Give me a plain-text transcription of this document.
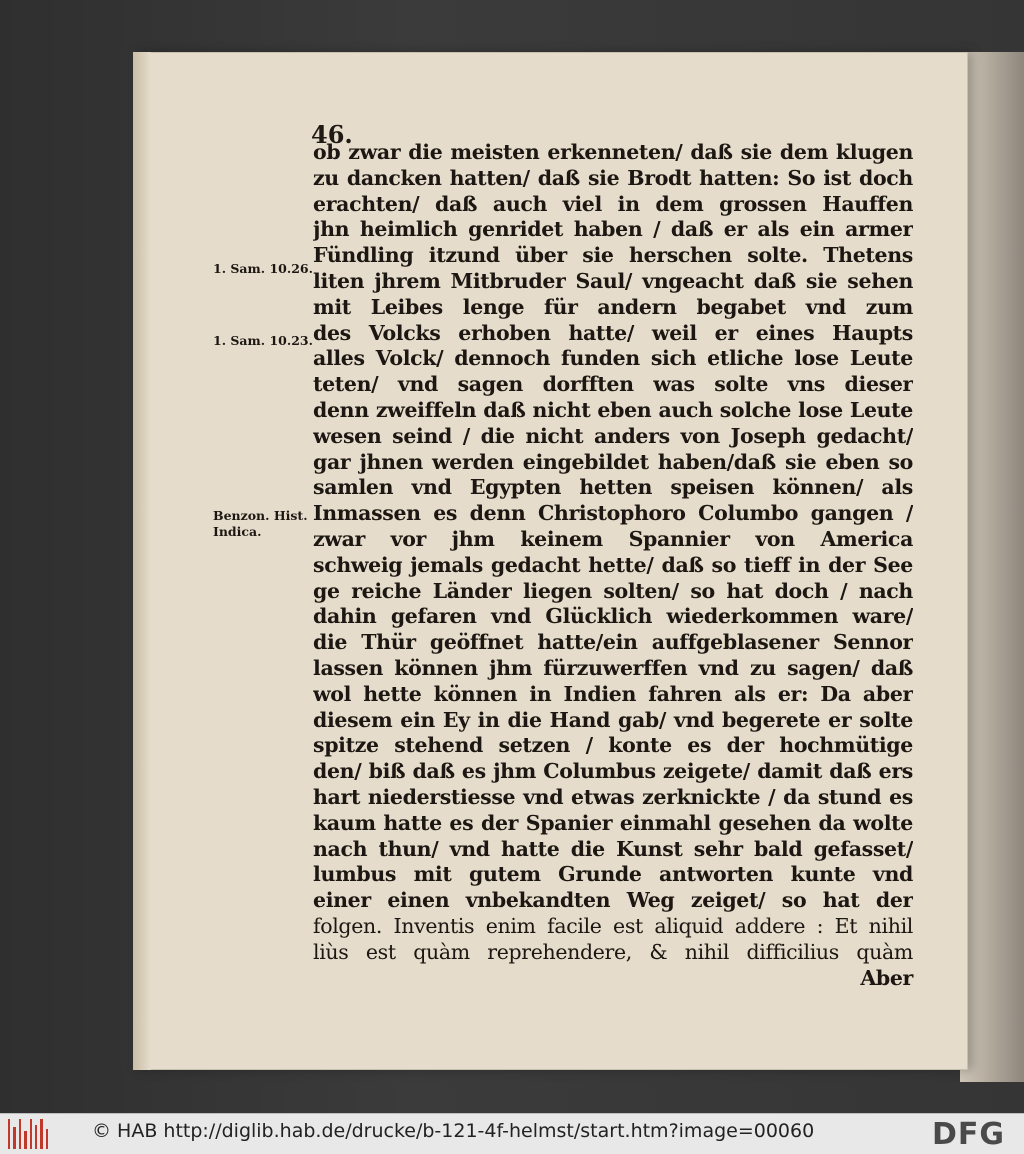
46.
1. Sam. 10.26.
1. Sam. 10.23.
Benzon. Hist.
Indica.
ob zwar die meisten erkenneten/ daß sie dem klugen
zu dancken hatten/ daß sie Brodt hatten: So ist doch
erachten/ daß auch viel in dem grossen Hauffen
jhn heimlich genridet haben / daß er als ein armer
Fündling itzund über sie herschen solte. Thetens
liten jhrem Mitbruder Saul/ vngeacht daß sie sehen
mit Leibes lenge für andern begabet vnd zum
des Volcks erhoben hatte/ weil er eines Haupts
alles Volck/ dennoch funden sich etliche lose Leute
teten/ vnd sagen dorfften was solte vns dieser
denn zweiffeln daß nicht eben auch solche lose Leute
wesen seind / die nicht anders von Joseph gedacht/
gar jhnen werden eingebildet haben/daß sie eben so
samlen vnd Egypten hetten speisen können/ als
Inmassen es denn Christophoro Columbo gangen /
zwar vor jhm keinem Spannier von America
schweig jemals gedacht hette/ daß so tieff in der See
ge reiche Länder liegen solten/ so hat doch / nach
dahin gefaren vnd Glücklich wiederkommen ware/
die Thür geöffnet hatte/ein auffgeblasener Sennor
lassen können jhm fürzuwerffen vnd zu sagen/ daß
wol hette können in Indien fahren als er: Da aber
diesem ein Ey in die Hand gab/ vnd begerete er solte
spitze stehend setzen / konte es der hochmütige
den/ biß daß es jhm Columbus zeigete/ damit daß ers
hart niederstiesse vnd etwas zerknickte / da stund es
kaum hatte es der Spanier einmahl gesehen da wolte
nach thun/ vnd hatte die Kunst sehr bald gefasset/
lumbus mit gutem Grunde antworten kunte vnd
einer einen vnbekandten Weg zeiget/ so hat der
folgen. Inventis enim facile est aliquid addere : Et nihil
liùs est quàm reprehendere, & nihil difficilius quàm
Aber
© HAB http://diglib.hab.de/drucke/b-121-4f-helmst/start.htm?image=00060	DFG
